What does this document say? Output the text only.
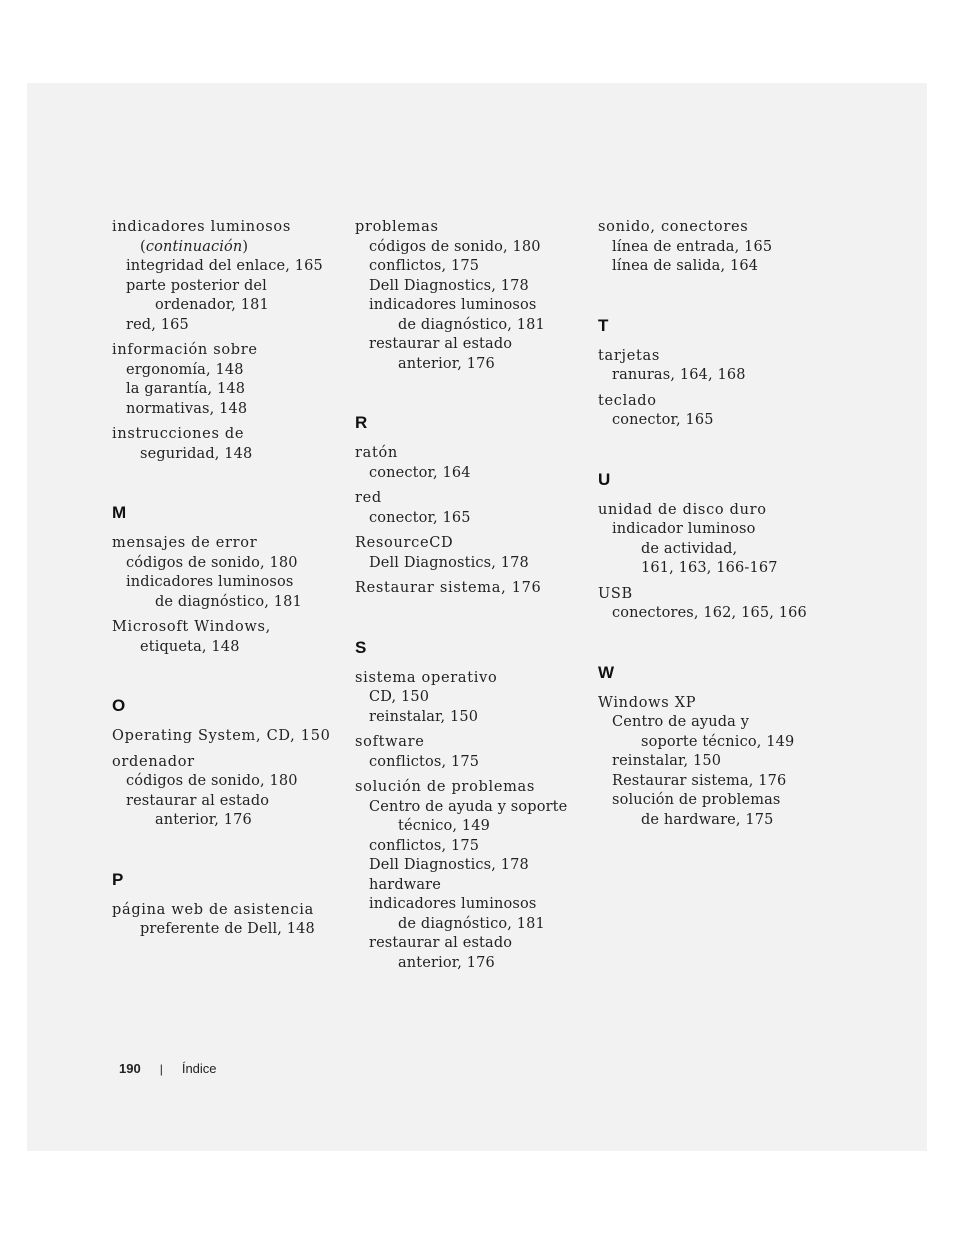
indicadores luminosos
(continuación)
integridad del enlace, 165
parte posterior del
ordenador, 181
red, 165
información sobre
ergonomía, 148
la garantía, 148
normativas, 148
instrucciones de
seguridad, 148
M
mensajes de error
códigos de sonido, 180
indicadores luminosos
de diagnóstico, 181
Microsoft Windows,
etiqueta, 148
O
Operating System, CD, 150
ordenador
códigos de sonido, 180
restaurar al estado
anterior, 176
P
página web de asistencia
preferente de Dell, 148
problemas
códigos de sonido, 180
conflictos, 175
Dell Diagnostics, 178
indicadores luminosos
de diagnóstico, 181
restaurar al estado
anterior, 176
R
ratón
conector, 164
red
conector, 165
ResourceCD
Dell Diagnostics, 178
Restaurar sistema, 176
S
sistema operativo
CD, 150
reinstalar, 150
software
conflictos, 175
solución de problemas
Centro de ayuda y soporte
técnico, 149
conflictos, 175
Dell Diagnostics, 178
hardware
indicadores luminosos
de diagnóstico, 181
restaurar al estado
anterior, 176
sonido, conectores
línea de entrada, 165
línea de salida, 164
T
tarjetas
ranuras, 164, 168
teclado
conector, 165
U
unidad de disco duro
indicador luminoso
de actividad,
161, 163, 166-167
USB
conectores, 162, 165, 166
W
Windows XP
Centro de ayuda y
soporte técnico, 149
reinstalar, 150
Restaurar sistema, 176
solución de problemas
de hardware, 175
190 | Índice
